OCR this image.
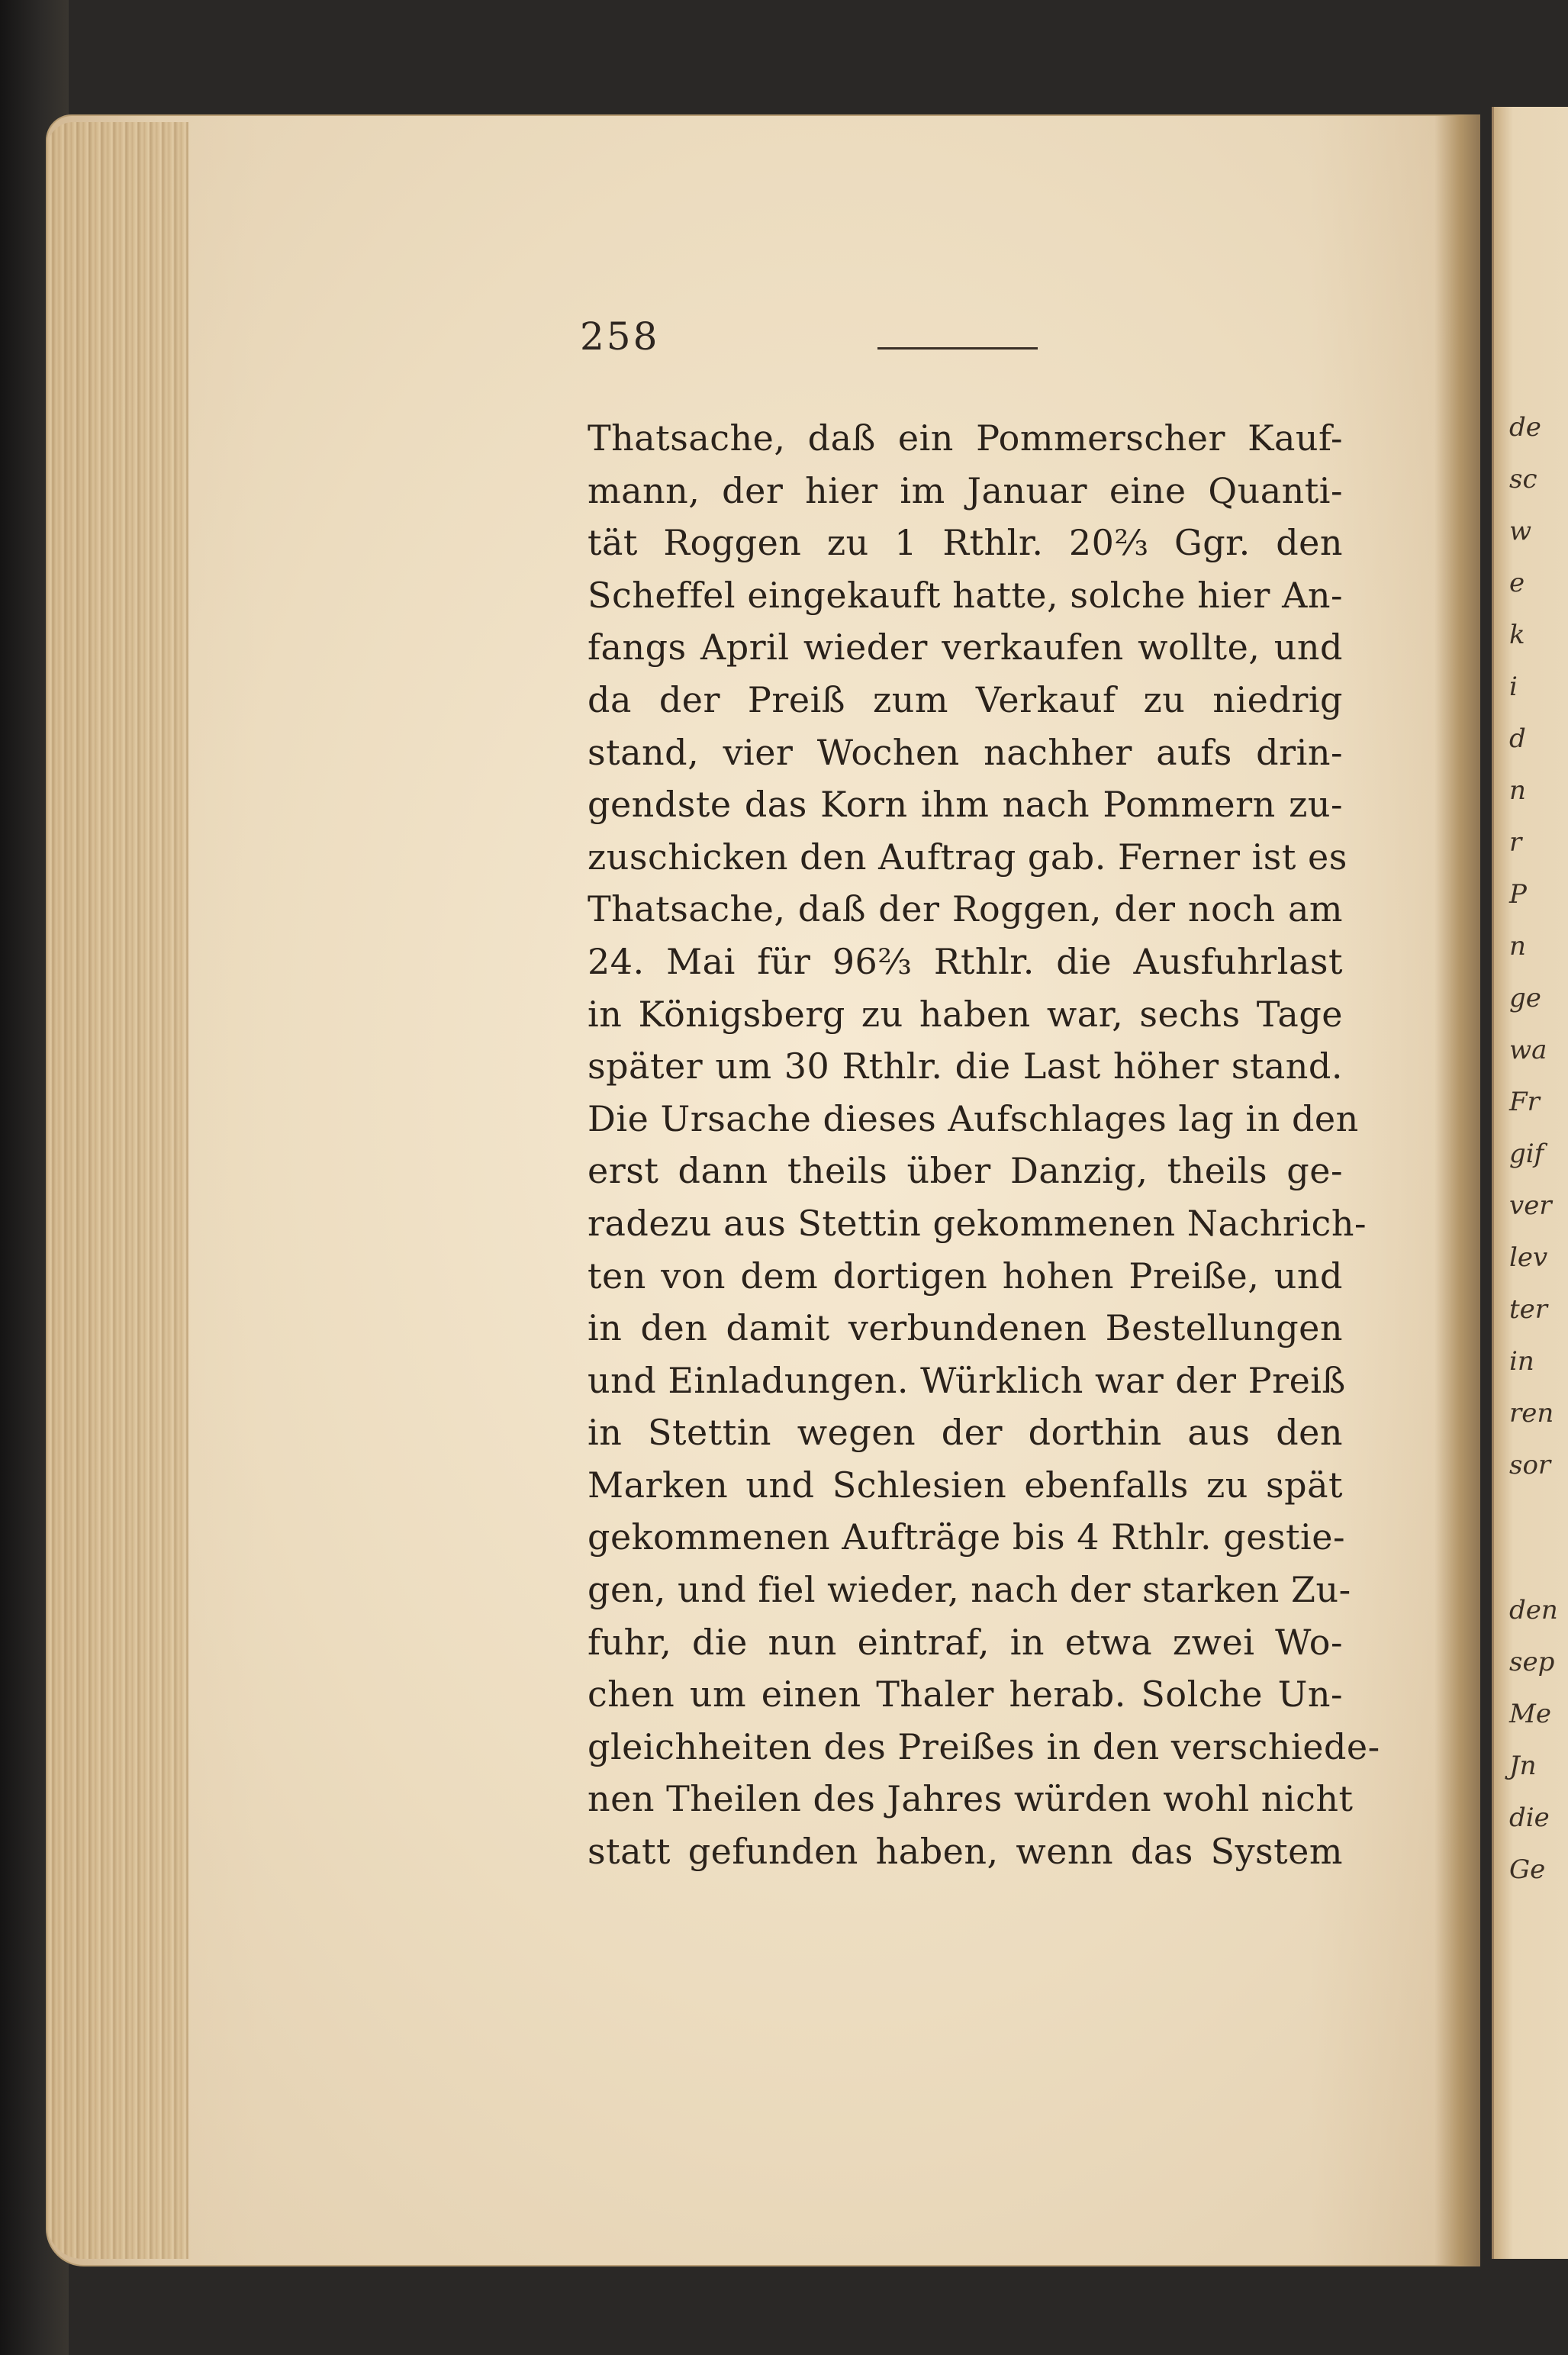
de
sc
w
e
k
i
d
n
r
P
n
ge
wa
Fr
gif
ver
lev
ter
in
ren
sor
den
sep
Me
Jn
die
Ge
258
Thatsache, daß ein Pommerscher Kauf-
mann, der hier im Januar eine Quanti-
tät Roggen zu 1 Rthlr. 20⅔ Ggr. den
Scheffel eingekauft hatte, solche hier An-
fangs April wieder verkaufen wollte, und
da der Preiß zum Verkauf zu niedrig
stand, vier Wochen nachher aufs drin-
gendste das Korn ihm nach Pommern zu-
zuschicken den Auftrag gab. Ferner ist es
Thatsache, daß der Roggen, der noch am
24. Mai für 96⅔ Rthlr. die Ausfuhrlast
in Königsberg zu haben war, sechs Tage
später um 30 Rthlr. die Last höher stand.
Die Ursache dieses Aufschlages lag in den
erst dann theils über Danzig, theils ge-
radezu aus Stettin gekommenen Nachrich-
ten von dem dortigen hohen Preiße, und
in den damit verbundenen Bestellungen
und Einladungen. Würklich war der Preiß
in Stettin wegen der dorthin aus den
Marken und Schlesien ebenfalls zu spät
gekommenen Aufträge bis 4 Rthlr. gestie-
gen, und fiel wieder, nach der starken Zu-
fuhr, die nun eintraf, in etwa zwei Wo-
chen um einen Thaler herab. Solche Un-
gleichheiten des Preißes in den verschiede-
nen Theilen des Jahres würden wohl nicht
statt gefunden haben, wenn das System
